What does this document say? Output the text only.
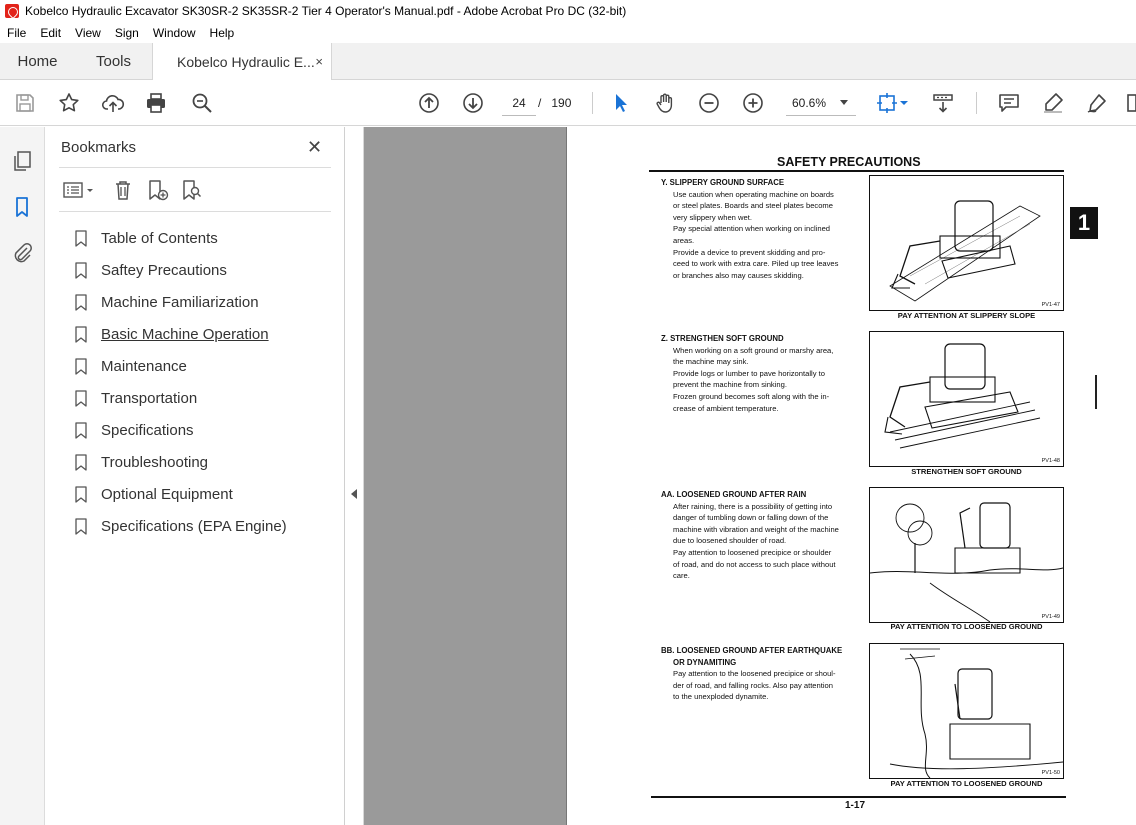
Kobelco Hydraulic Excavator SK30SR-2 SK35SR-2 Tier 4 Operator's Manual.pdf - Adobe Acrobat Pro DC (32-bit)
File Edit View Sign Window Help
Home	Tools	Kobelco Hydraulic E... ×
24	/
190	60.6%
Bookmarks	✕
Table of Contents
Saftey Precautions
Machine Familiarization
Basic Machine Operation
Maintenance
Transportation
Specifications
Troubleshooting
Optional Equipment
Specifications (EPA Engine)
SAFETY PRECAUTIONS
1
Y. SLIPPERY GROUND SURFACE
Use caution when operating machine on boards
or steel plates. Boards and steel plates become
very slippery when wet.
Pay special attention when working on inclined
areas.
Provide a device to prevent skidding and pro-
ceed to work with extra care. Piled up tree leaves
or branches also may causes skidding.
PV1-47
PAY ATTENTION AT SLIPPERY SLOPE
Z. STRENGTHEN SOFT GROUND
When working on a soft ground or marshy area,
the machine may sink.
Provide logs or lumber to pave horizontally to
prevent the machine from sinking.
Frozen ground becomes soft along with the in-
crease of ambient temperature.
PV1-48
STRENGTHEN SOFT GROUND
AA. LOOSENED GROUND AFTER RAIN
After raining, there is a possibility of getting into
danger of tumbling down or falling down of the
machine with vibration and weight of the machine
due to loosened shoulder of road.
Pay attention to loosened precipice or shoulder
of road, and do not access to such place without
care.
PV1-49
PAY ATTENTION TO LOOSENED GROUND
BB. LOOSENED GROUND AFTER EARTHQUAKE
OR DYNAMITING
Pay attention to the loosened precipice or shoul-
der of road, and falling rocks. Also pay attention
to the unexploded dynamite.
PV1-50
PAY ATTENTION TO LOOSENED GROUND
1-17
